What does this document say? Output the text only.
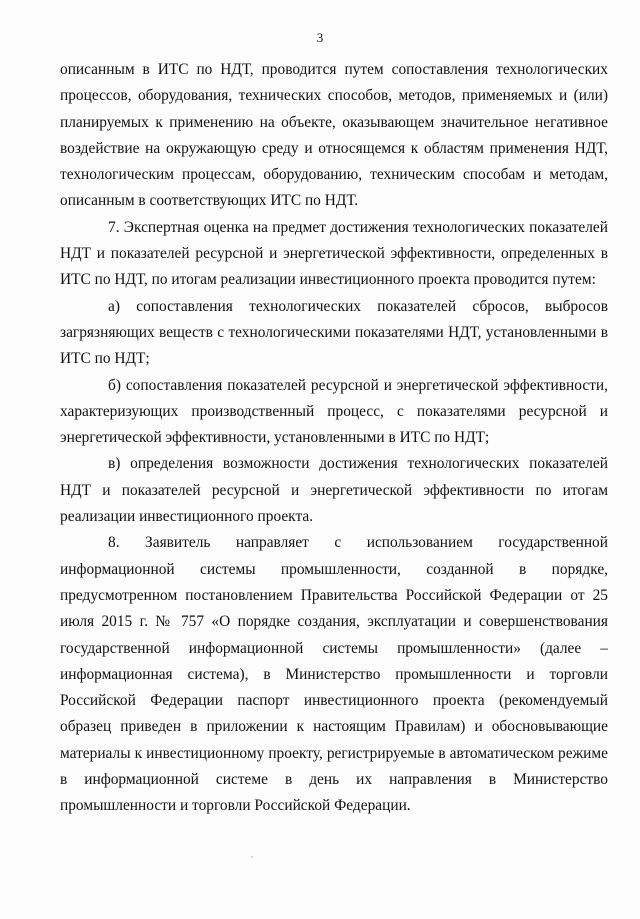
3

описанным в ИТС по НДТ, проводится путем сопоставления технологических процессов, оборудования, технических способов, методов, применяемых и (или) планируемых к применению на объекте, оказывающем значительное негативное воздействие на окружающую среду и относящемся к областям применения НДТ, технологическим процессам, оборудованию, техническим способам и методам, описанным в соответствующих ИТС по НДТ.

7. Экспертная оценка на предмет достижения технологических показателей НДТ и показателей ресурсной и энергетической эффективности, определенных в ИТС по НДТ, по итогам реализации инвестиционного проекта проводится путем:

а) сопоставления технологических показателей сбросов, выбросов загрязняющих веществ с технологическими показателями НДТ, установленными в ИТС по НДТ;

б) сопоставления показателей ресурсной и энергетической эффективности, характеризующих производственный процесс, с показателями ресурсной и энергетической эффективности, установленными в ИТС по НДТ;

в) определения возможности достижения технологических показателей НДТ и показателей ресурсной и энергетической эффективности по итогам реализации инвестиционного проекта.

8. Заявитель направляет с использованием государственной информационной системы промышленности, созданной в порядке, предусмотренном постановлением Правительства Российской Федерации от 25 июля 2015 г. № 757 «О порядке создания, эксплуатации и совершенствования государственной информационной системы промышленности» (далее – информационная система), в Министерство промышленности и торговли Российской Федерации паспорт инвестиционного проекта (рекомендуемый образец приведен в приложении к настоящим Правилам) и обосновывающие материалы к инвестиционному проекту, регистрируемые в автоматическом режиме в информационной системе в день их направления в Министерство промышленности и торговли Российской Федерации.
